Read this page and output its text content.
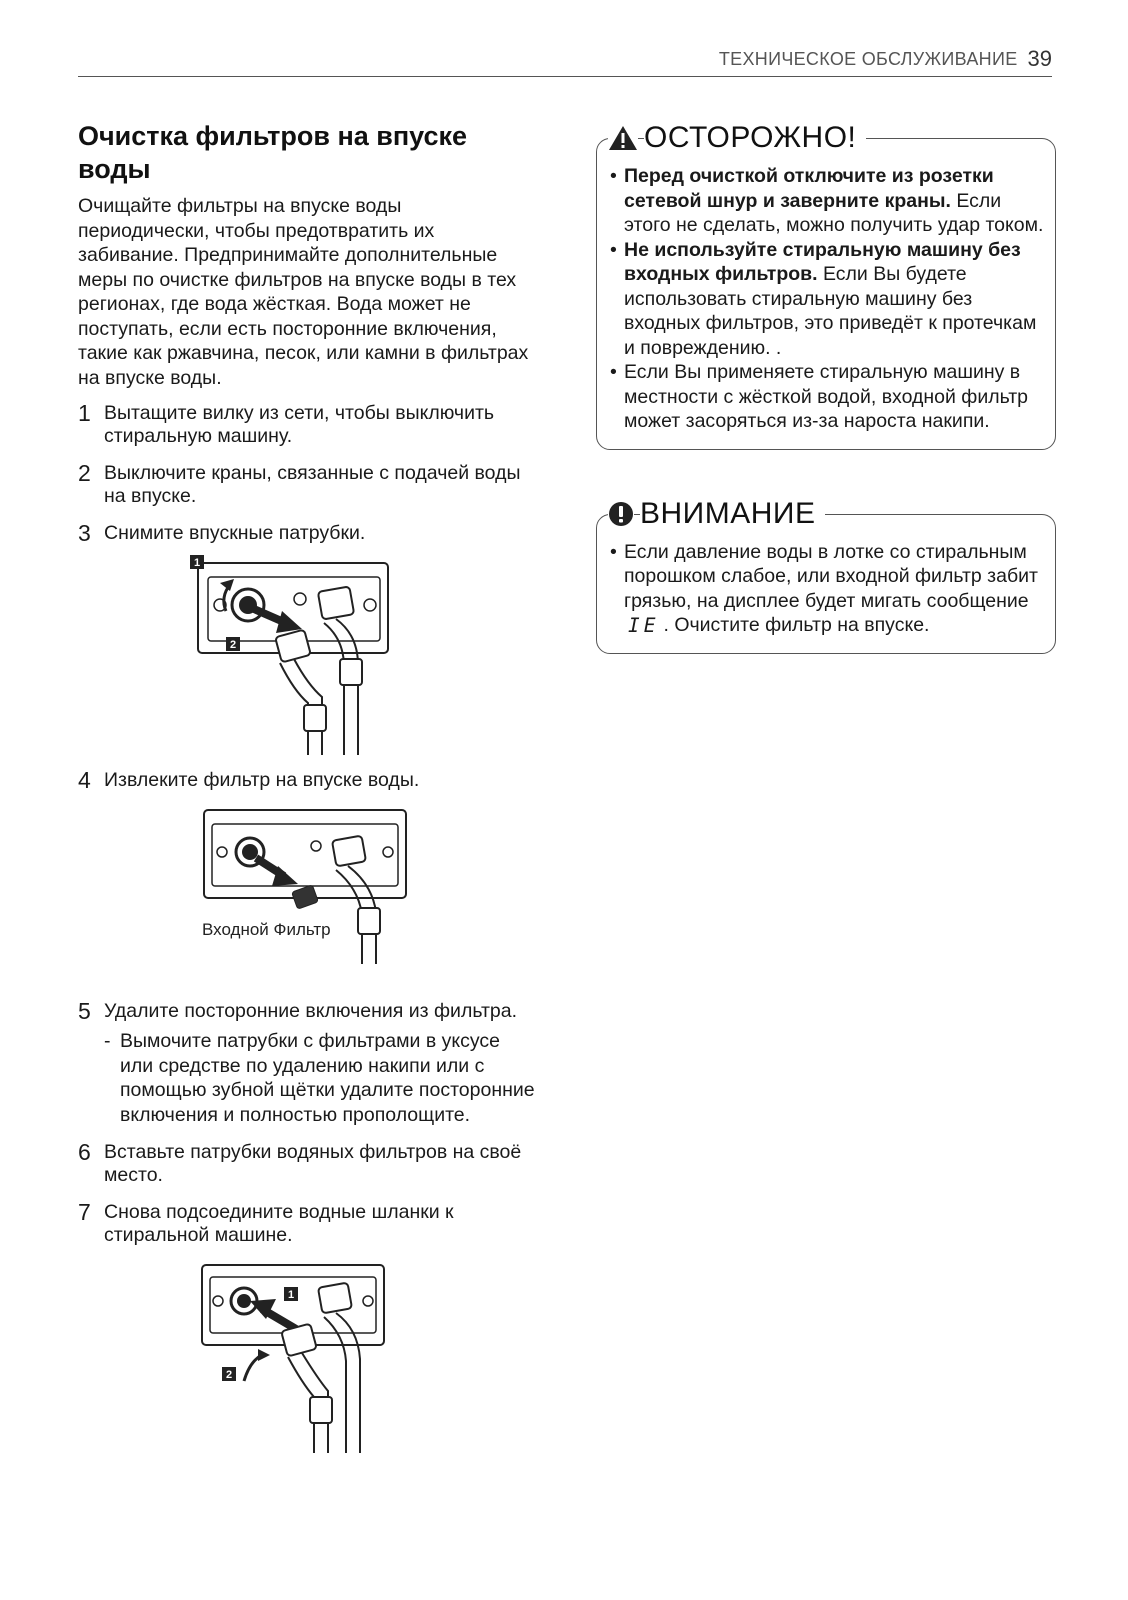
ТЕХНИЧЕСКОЕ ОБСЛУЖИВАНИЕ 39
Очистка фильтров на впуске воды

Очищайте фильтры на впуске воды периодически, чтобы предотвратить их забивание. Предпринимайте дополнительные меры по очистке фильтров на впуске воды в тех регионах, где вода жёсткая. Вода может не поступать, если есть посторонние включения, такие как ржавчина, песок, или камни в фильтрах на впуске воды.

1 Вытащите вилку из сети, чтобы выключить стиральную машину.
2 Выключите краны, связанные с подачей воды на впуске.
3 Снимите впускные патрубки.
1
2
4 Извлеките фильтр на впуске воды.
Входной Фильтр
5 Удалите посторонние включения из фильтра.
- Вымочите патрубки с фильтрами в уксусе или средстве по удалению накипи или с помощью зубной щётки удалите посторонние включения и полностью прополощите.
6 Вставьте патрубки водяных фильтров на своё место.
7 Снова подсоедините водные шланки к стиральной машине.
1
2
ОСТОРОЖНО!
• Перед очисткой отключите из розетки сетевой шнур и заверните краны. Если этого не сделать, можно получить удар током.
• Не используйте стиральную машину без входных фильтров. Если Вы будете использовать стиральную машину без входных фильтров, это приведёт к протечкам и повреждению. .
• Если Вы применяете стиральную машину в местности с жёсткой водой, входной фильтр может засоряться из-за нароста накипи.
ВНИМАНИЕ
• Если давление воды в лотке со стиральным порошком слабое, или входной фильтр забит грязью, на дисплее будет мигать сообщение IE . Очистите фильтр на впуске.
